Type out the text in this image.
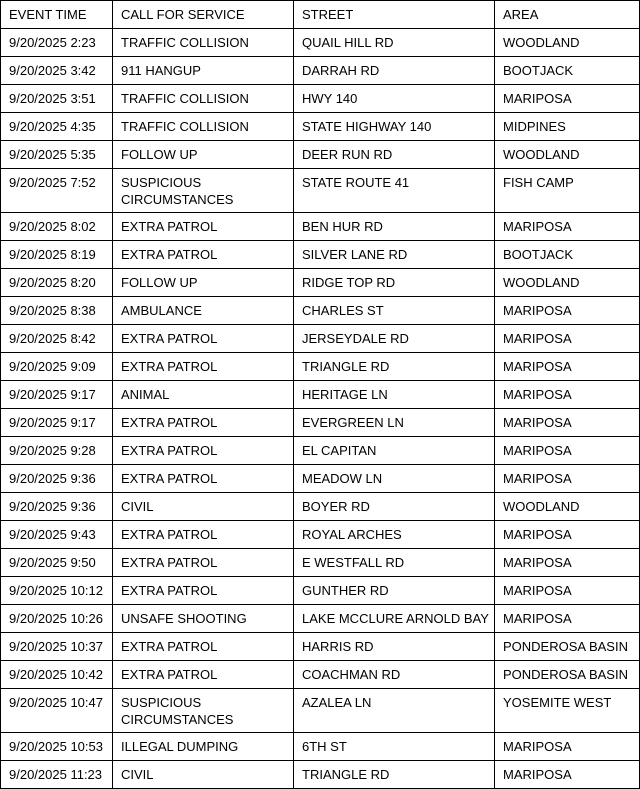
EVENT TIME	CALL FOR SERVICE	STREET	AREA
9/20/2025 2:23	TRAFFIC COLLISION	QUAIL HILL RD	WOODLAND
9/20/2025 3:42	911 HANGUP	DARRAH RD	BOOTJACK
9/20/2025 3:51	TRAFFIC COLLISION	HWY 140	MARIPOSA
9/20/2025 4:35	TRAFFIC COLLISION	STATE HIGHWAY 140	MIDPINES
9/20/2025 5:35	FOLLOW UP	DEER RUN RD	WOODLAND
9/20/2025 7:52	SUSPICIOUS CIRCUMSTANCES	STATE ROUTE 41	FISH CAMP
9/20/2025 8:02	EXTRA PATROL	BEN HUR RD	MARIPOSA
9/20/2025 8:19	EXTRA PATROL	SILVER LANE RD	BOOTJACK
9/20/2025 8:20	FOLLOW UP	RIDGE TOP RD	WOODLAND
9/20/2025 8:38	AMBULANCE	CHARLES ST	MARIPOSA
9/20/2025 8:42	EXTRA PATROL	JERSEYDALE RD	MARIPOSA
9/20/2025 9:09	EXTRA PATROL	TRIANGLE RD	MARIPOSA
9/20/2025 9:17	ANIMAL	HERITAGE LN	MARIPOSA
9/20/2025 9:17	EXTRA PATROL	EVERGREEN LN	MARIPOSA
9/20/2025 9:28	EXTRA PATROL	EL CAPITAN	MARIPOSA
9/20/2025 9:36	EXTRA PATROL	MEADOW LN	MARIPOSA
9/20/2025 9:36	CIVIL	BOYER RD	WOODLAND
9/20/2025 9:43	EXTRA PATROL	ROYAL ARCHES	MARIPOSA
9/20/2025 9:50	EXTRA PATROL	E WESTFALL RD	MARIPOSA
9/20/2025 10:12	EXTRA PATROL	GUNTHER RD	MARIPOSA
9/20/2025 10:26	UNSAFE SHOOTING	LAKE MCCLURE ARNOLD BAY	MARIPOSA
9/20/2025 10:37	EXTRA PATROL	HARRIS RD	PONDEROSA BASIN
9/20/2025 10:42	EXTRA PATROL	COACHMAN RD	PONDEROSA BASIN
9/20/2025 10:47	SUSPICIOUS CIRCUMSTANCES	AZALEA LN	YOSEMITE WEST
9/20/2025 10:53	ILLEGAL DUMPING	6TH ST	MARIPOSA
9/20/2025 11:23	CIVIL	TRIANGLE RD	MARIPOSA
